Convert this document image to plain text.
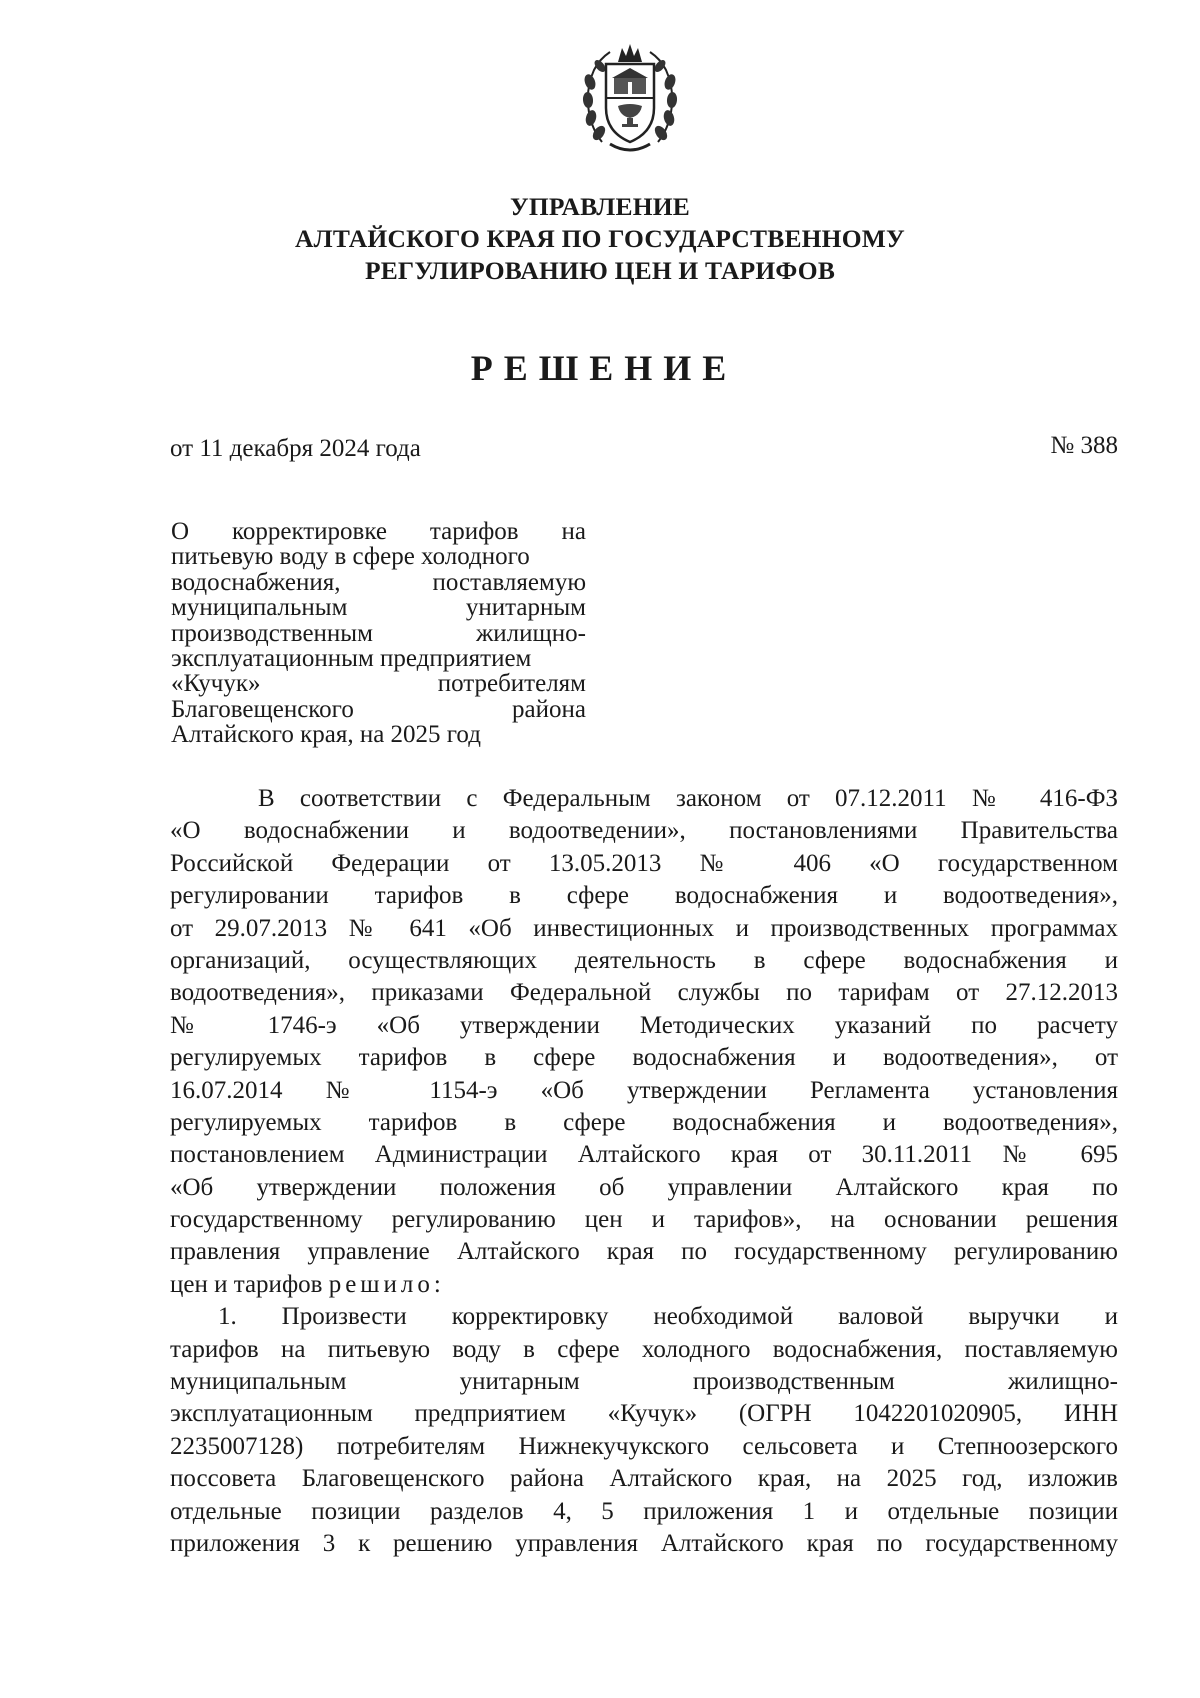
УПРАВЛЕНИЕ
АЛТАЙСКОГО КРАЯ ПО ГОСУДАРСТВЕННОМУ
РЕГУЛИРОВАНИЮ ЦЕН И ТАРИФОВ
РЕШЕНИЕ
от 11 декабря 2024 года	№ 388
О корректировке тарифов на
питьевую воду в сфере холодного
водоснабжения, поставляемую
муниципальным унитарным
производственным жилищно-
эксплуатационным предприятием
«Кучук» потребителям
Благовещенского района
Алтайского края, на 2025 год
В соответствии с Федеральным законом от 07.12.2011 № 416-ФЗ
«О водоснабжении и водоотведении», постановлениями Правительства
Российской Федерации от 13.05.2013 № 406 «О государственном
регулировании тарифов в сфере водоснабжения и водоотведения»,
от 29.07.2013 № 641 «Об инвестиционных и производственных программах
организаций, осуществляющих деятельность в сфере водоснабжения и
водоотведения», приказами Федеральной службы по тарифам от 27.12.2013
№ 1746-э «Об утверждении Методических указаний по расчету
регулируемых тарифов в сфере водоснабжения и водоотведения», от
16.07.2014 № 1154-э «Об утверждении Регламента установления
регулируемых тарифов в сфере водоснабжения и водоотведения»,
постановлением Администрации Алтайского края от 30.11.2011 № 695
«Об утверждении положения об управлении Алтайского края по
государственному регулированию цен и тарифов», на основании решения
правления управление Алтайского края по государственному регулированию
цен и тарифов решило:
1. Произвести корректировку необходимой валовой выручки и
тарифов на питьевую воду в сфере холодного водоснабжения, поставляемую
муниципальным унитарным производственным жилищно-
эксплуатационным предприятием «Кучук» (ОГРН 1042201020905, ИНН
2235007128) потребителям Нижнекучукского сельсовета и Степноозерского
поссовета Благовещенского района Алтайского края, на 2025 год, изложив
отдельные позиции разделов 4, 5 приложения 1 и отдельные позиции
приложения 3 к решению управления Алтайского края по государственному
